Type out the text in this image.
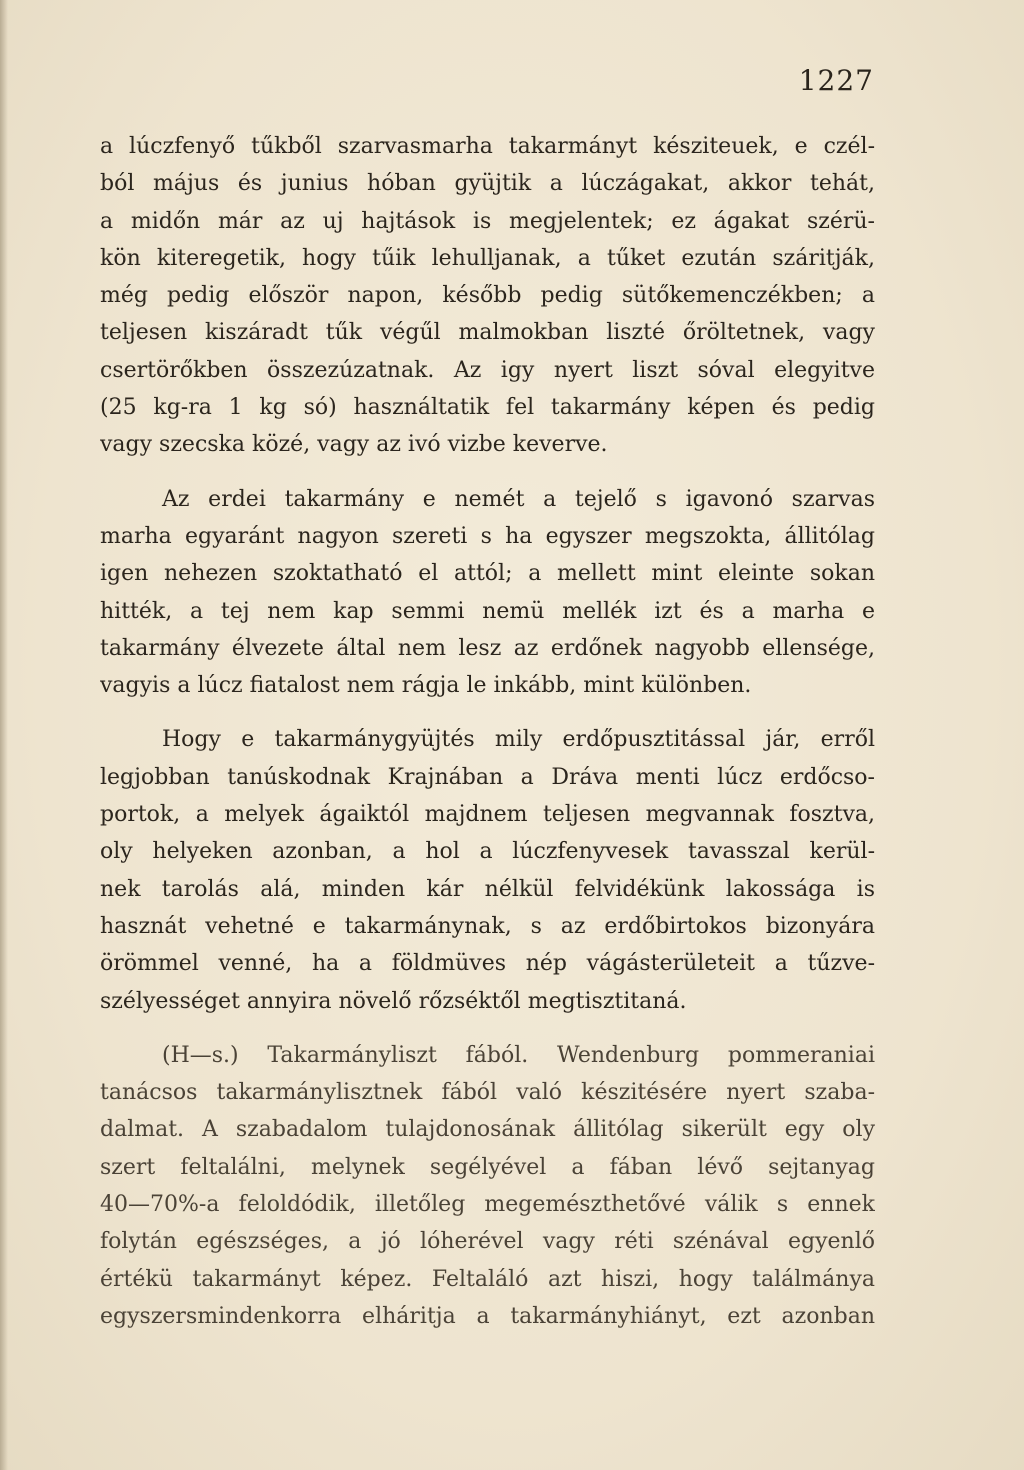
1227
a lúczfenyő tűkből szarvasmarha takarmányt késziteuek, e czél-
ból május és junius hóban gyüjtik a lúczágakat, akkor tehát,
a midőn már az uj hajtások is megjelentek; ez ágakat szérü-
kön kiteregetik, hogy tűik lehulljanak, a tűket ezután száritják,
még pedig először napon, később pedig sütőkemenczékben; a
teljesen kiszáradt tűk végűl malmokban liszté őröltetnek, vagy
csertörőkben összezúzatnak. Az igy nyert liszt sóval elegyitve
(25 kg-ra 1 kg só) használtatik fel takarmány képen és pedig
vagy szecska közé, vagy az ivó vizbe keverve.
Az erdei takarmány e nemét a tejelő s igavonó szarvas
marha egyaránt nagyon szereti s ha egyszer megszokta, állitólag
igen nehezen szoktatható el attól; a mellett mint eleinte sokan
hitték, a tej nem kap semmi nemü mellék izt és a marha e
takarmány élvezete által nem lesz az erdőnek nagyobb ellensége,
vagyis a lúcz fiatalost nem rágja le inkább, mint különben.
Hogy e takarmánygyüjtés mily erdőpusztitással jár, erről
legjobban tanúskodnak Krajnában a Dráva menti lúcz erdőcso-
portok, a melyek ágaiktól majdnem teljesen megvannak fosztva,
oly helyeken azonban, a hol a lúczfenyvesek tavasszal kerül-
nek tarolás alá, minden kár nélkül felvidékünk lakossága is
hasznát vehetné e takarmánynak, s az erdőbirtokos bizonyára
örömmel venné, ha a földmüves nép vágásterületeit a tűzve-
szélyességet annyira növelő rőzséktől megtisztitaná.
(H—s.) Takarmányliszt fából. Wendenburg pommeraniai
tanácsos takarmánylisztnek fából való készitésére nyert szaba-
dalmat. A szabadalom tulajdonosának állitólag sikerült egy oly
szert feltalálni, melynek segélyével a fában lévő sejtanyag
40—70%-a feloldódik, illetőleg megemészthetővé válik s ennek
folytán egészséges, a jó lóherével vagy réti szénával egyenlő
értékü takarmányt képez. Feltaláló azt hiszi, hogy találmánya
egyszersmindenkorra elháritja a takarmányhiányt, ezt azonban
